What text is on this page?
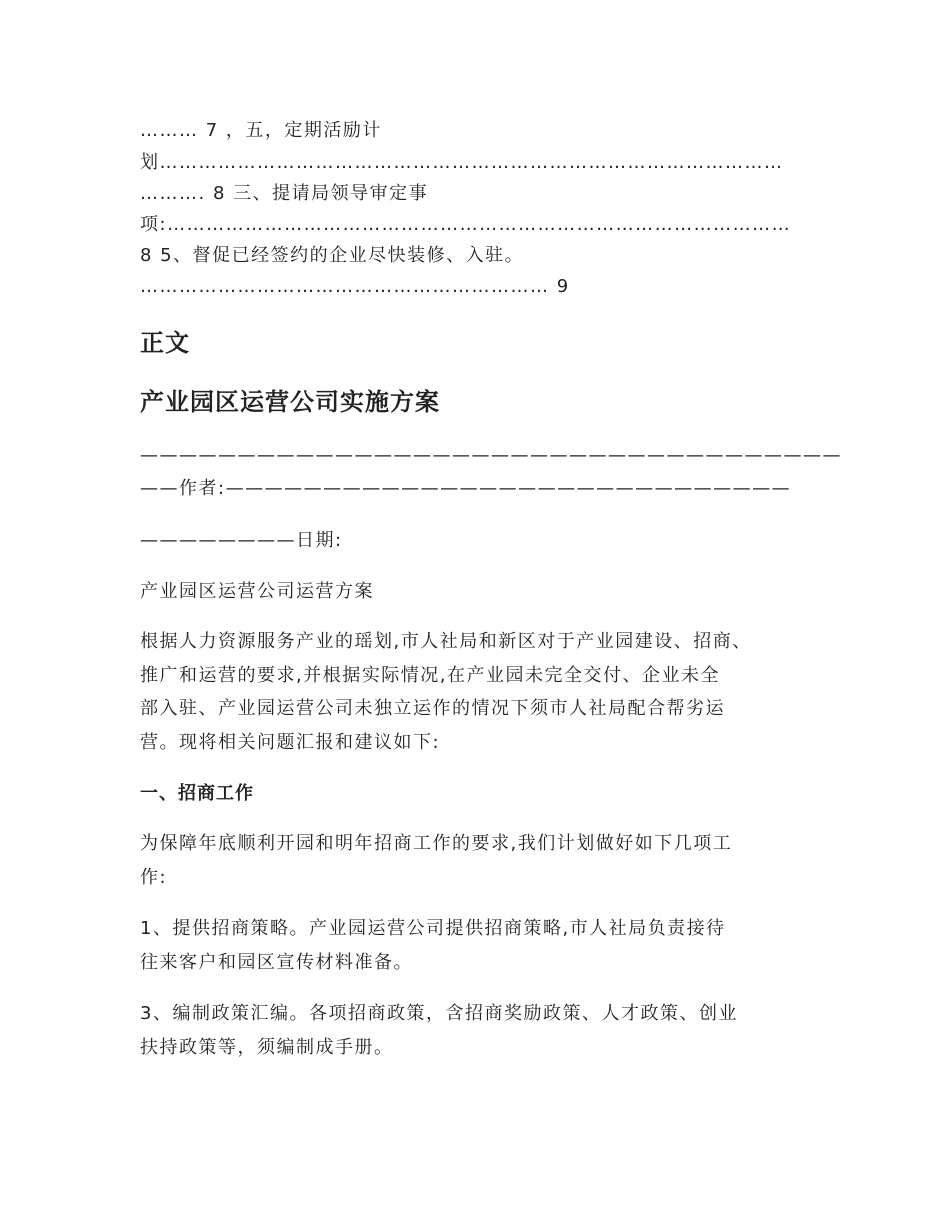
……… 7 ，五，定期活励计
划……………………………………………………………………………………
………. 8 三、提请局领导审定事
项:……………………………………………………………………………………
8 5、督促已经签约的企业尽快装修、入驻。
……………………………………………………… 9
正文
产业园区运营公司实施方案
————————————————————————————————————
——作者:—————————————————————————————
————————日期:
产业园区运营公司运营方案
根据人力资源服务产业的瑶划,市人社局和新区对于产业园建设、招商、
推广和运营的要求,并根据实际情况,在产业园未完全交付、企业未全
部入驻、产业园运营公司未独立运作的情况下须市人社局配合帮劣运
营。现将相关问题汇报和建议如下:
一、招商工作
为保障年底顺利开园和明年招商工作的要求,我们计划做好如下几项工
作:
1、提供招商策略。产业园运营公司提供招商策略,市人社局负责接待
往来客户和园区宣传材料准备。
3、编制政策汇编。各项招商政策，含招商奖励政策、人才政策、创业
扶持政策等，须编制成手册。
